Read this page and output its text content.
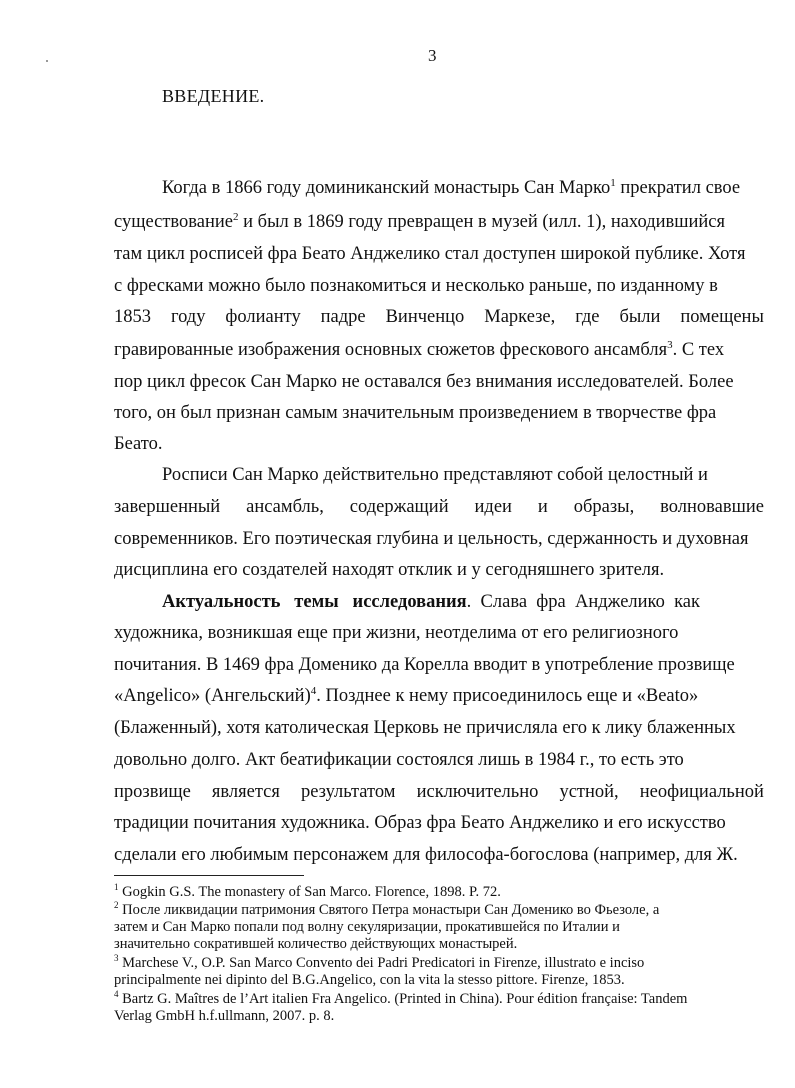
3
ВВЕДЕНИЕ.
Когда в 1866 году доминиканский монастырь Сан Марко$^1$ прекратил свое
существование$^2$ и был в 1869 году превращен в музей (илл. 1), находившийся
там цикл росписей фра Беато Анджелико стал доступен широкой публике. Хотя
с фресками можно было познакомиться и несколько раньше, по изданному в
1853 году фолианту падре Винченцо Маркезе, где были помещены
гравированные изображения основных сюжетов фрескового ансамбля$^3$. С тех
пор цикл фресок Сан Марко не оставался без внимания исследователей. Более
того, он был признан самым значительным произведением в творчестве фра
Беато.
Росписи Сан Марко действительно представляют собой целостный и
завершенный ансамбль, содержащий идеи и образы, волновавшие
современников. Его поэтическая глубина и цельность, сдержанность и духовная
дисциплина его создателей находят отклик и у сегодняшнего зрителя.
Актуальность   темы   исследования.  Слава  фра  Анджелико  как
художника, возникшая еще при жизни, неотделима от его религиозного
почитания. В 1469 фра Доменико да Корелла вводит в употребление прозвище
«Angelico» (Ангельский)$^4$. Позднее к нему присоединилось еще и «Beato»
(Блаженный), хотя католическая Церковь не причисляла его к лику блаженных
довольно долго. Акт беатификации состоялся лишь в 1984 г., то есть это
прозвище является результатом исключительно устной, неофициальной
традиции почитания художника. Образ фра Беато Анджелико и его искусство
сделали его любимым персонажем для философа-богослова (например, для Ж.
$^1$ Gogkin G.S. The monastery of San Marco. Florence, 1898. P. 72.
$^2$ После ликвидации патримония Святого Петра монастыри Сан Доменико во Фьезоле, а
затем и Сан Марко попали под волну секуляризации, прокатившейся по Италии и
значительно сократившей количество действующих монастырей.
$^3$ Marchese V., O.P. San Marco Convento dei Padri Predicatori in Firenze, illustrato e inciso
principalmente nei dipinto del B.G.Angelico, con la vita la stesso pittore. Firenze, 1853.
$^4$ Bartz G. Maîtres de l’Art italien Fra Angelico. (Printed in China). Pour édition française: Tandem
Verlag GmbH h.f.ullmann, 2007. p. 8.
